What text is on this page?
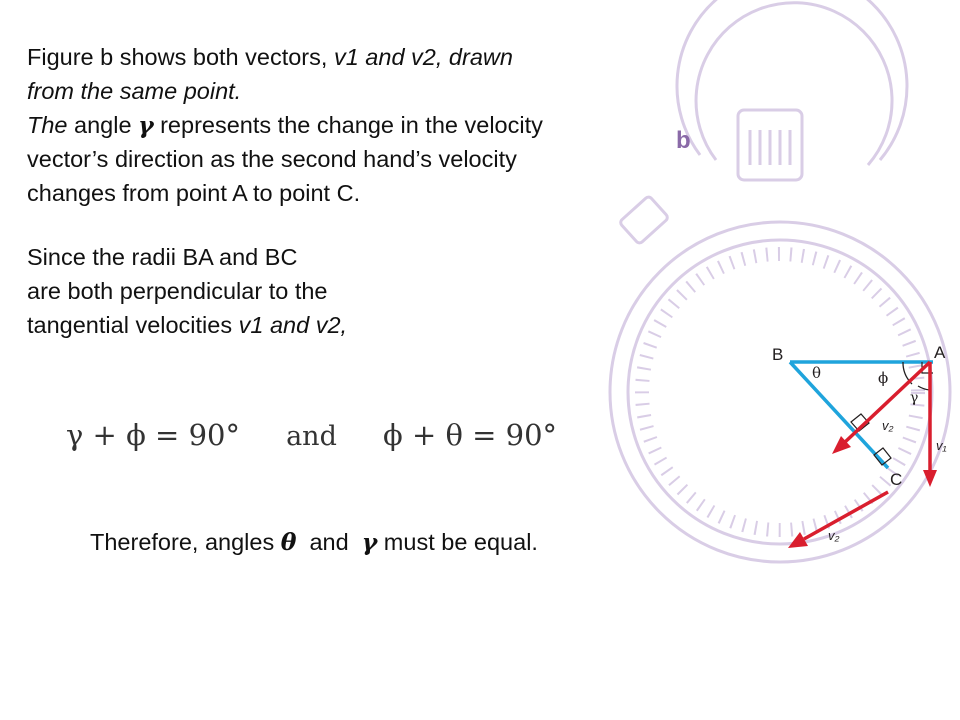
b
A
B
C
θ	ϕ
γ
v₂
v₁
v₂
Figure b shows both vectors, v1 and v2, drawn
from the same point.
The angle γ represents the change in the velocity
vector’s direction as the second hand’s velocity
changes from point A to point C.
Since the radii BA and BC
are both perpendicular to the
tangential velocities v1 and v2,
γ + ϕ = 90° and ϕ + θ = 90°
Therefore, angles θ  and  γ must be equal.
